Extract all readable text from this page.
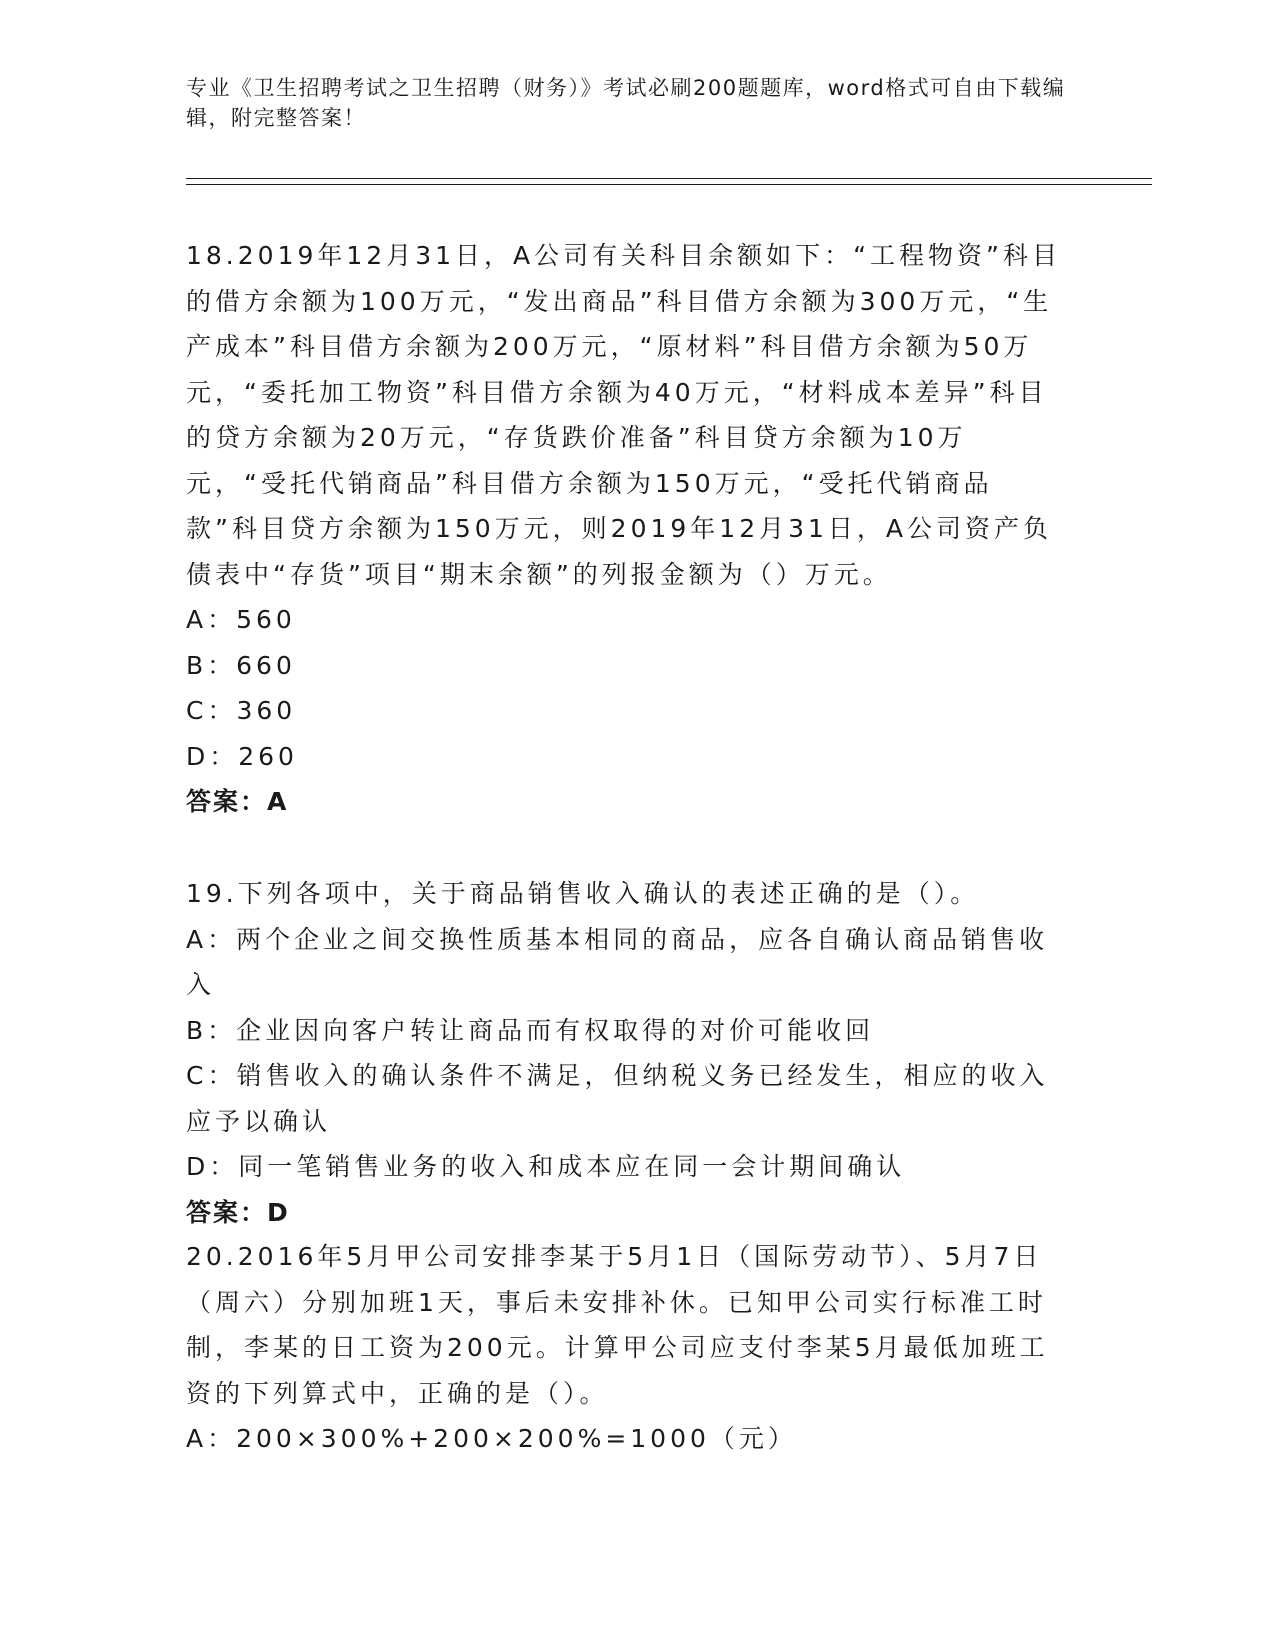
专业《卫生招聘考试之卫生招聘（财务）》考试必刷200题题库，word格式可自由下载编辑，附完整答案！

18.2019年12月31日，A公司有关科目余额如下：“工程物资”科目的借方余额为100万元，“发出商品”科目借方余额为300万元，“生产成本”科目借方余额为200万元，“原材料”科目借方余额为50万元，“委托加工物资”科目借方余额为40万元，“材料成本差异”科目的贷方余额为20万元，“存货跌价准备”科目贷方余额为10万元，“受托代销商品”科目借方余额为150万元，“受托代销商品款”科目贷方余额为150万元，则2019年12月31日，A公司资产负债表中“存货”项目“期末余额”的列报金额为（）万元。

A：560

B：660

C：360

D：260

答案：A

19.下列各项中，关于商品销售收入确认的表述正确的是（）。

A：两个企业之间交换性质基本相同的商品，应各自确认商品销售收入

B：企业因向客户转让商品而有权取得的对价可能收回

C：销售收入的确认条件不满足，但纳税义务已经发生，相应的收入应予以确认

D：同一笔销售业务的收入和成本应在同一会计期间确认

答案：D

20.2016年5月甲公司安排李某于5月1日（国际劳动节）、5月7日（周六）分别加班1天，事后未安排补休。已知甲公司实行标准工时制，李某的日工资为200元。计算甲公司应支付李某5月最低加班工资的下列算式中，正确的是（）。

A：200×300%+200×200%=1000（元）
